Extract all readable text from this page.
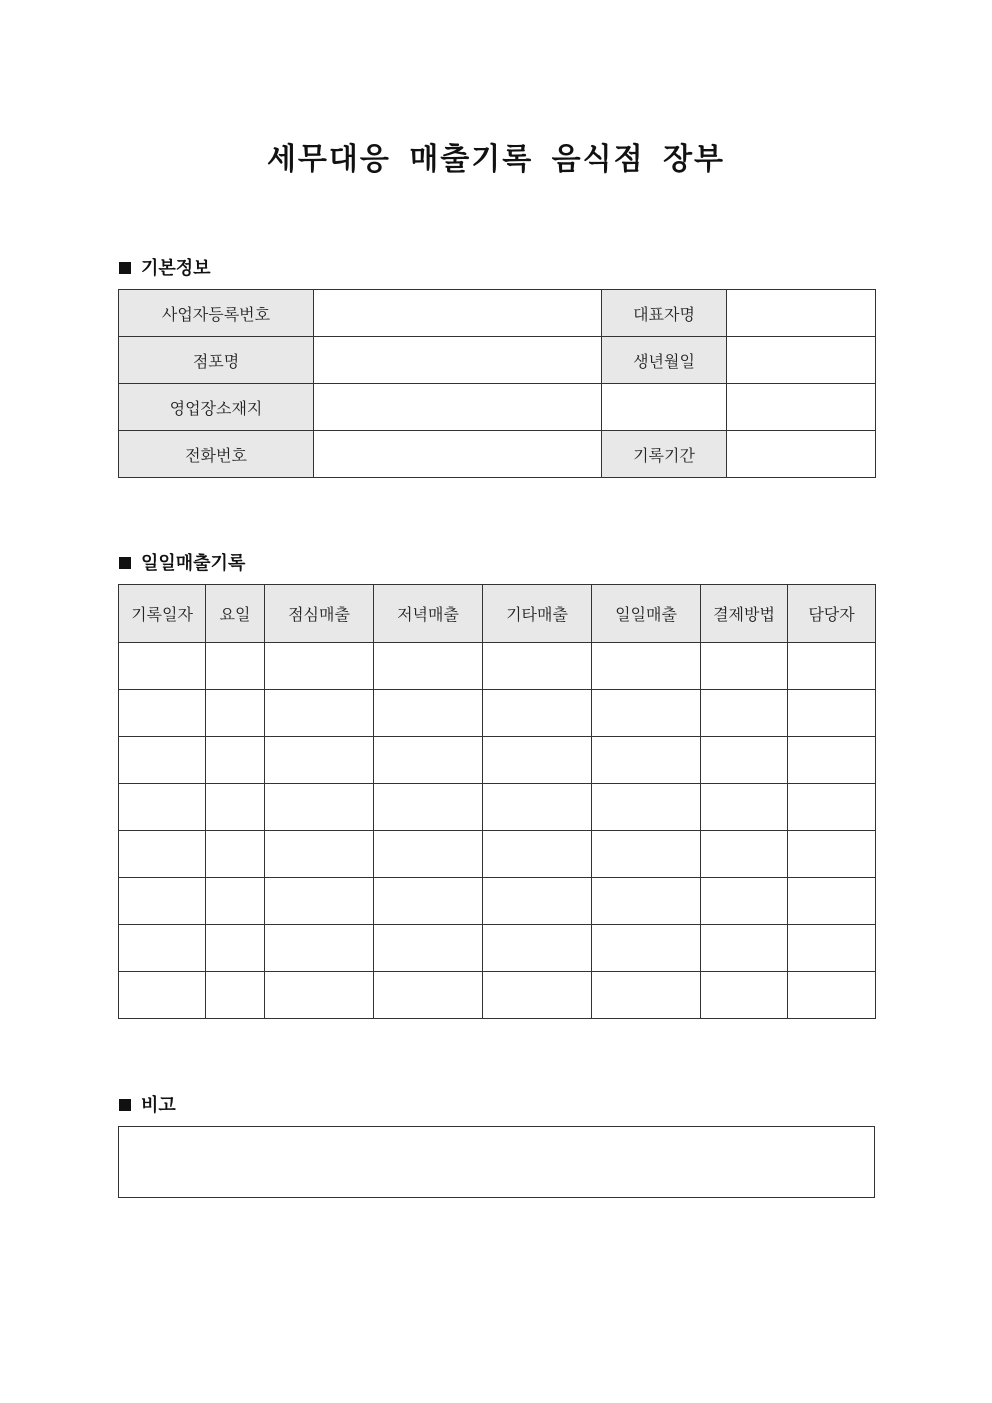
세무대응 매출기록 음식점 장부
기본정보
사업자등록번호		대표자명	
점포명		생년월일	
영업장소재지			
전화번호		기록기간	
일일매출기록
기록일자	요일	점심매출	저녁매출	기타매출	일일매출	결제방법	담당자

비고
